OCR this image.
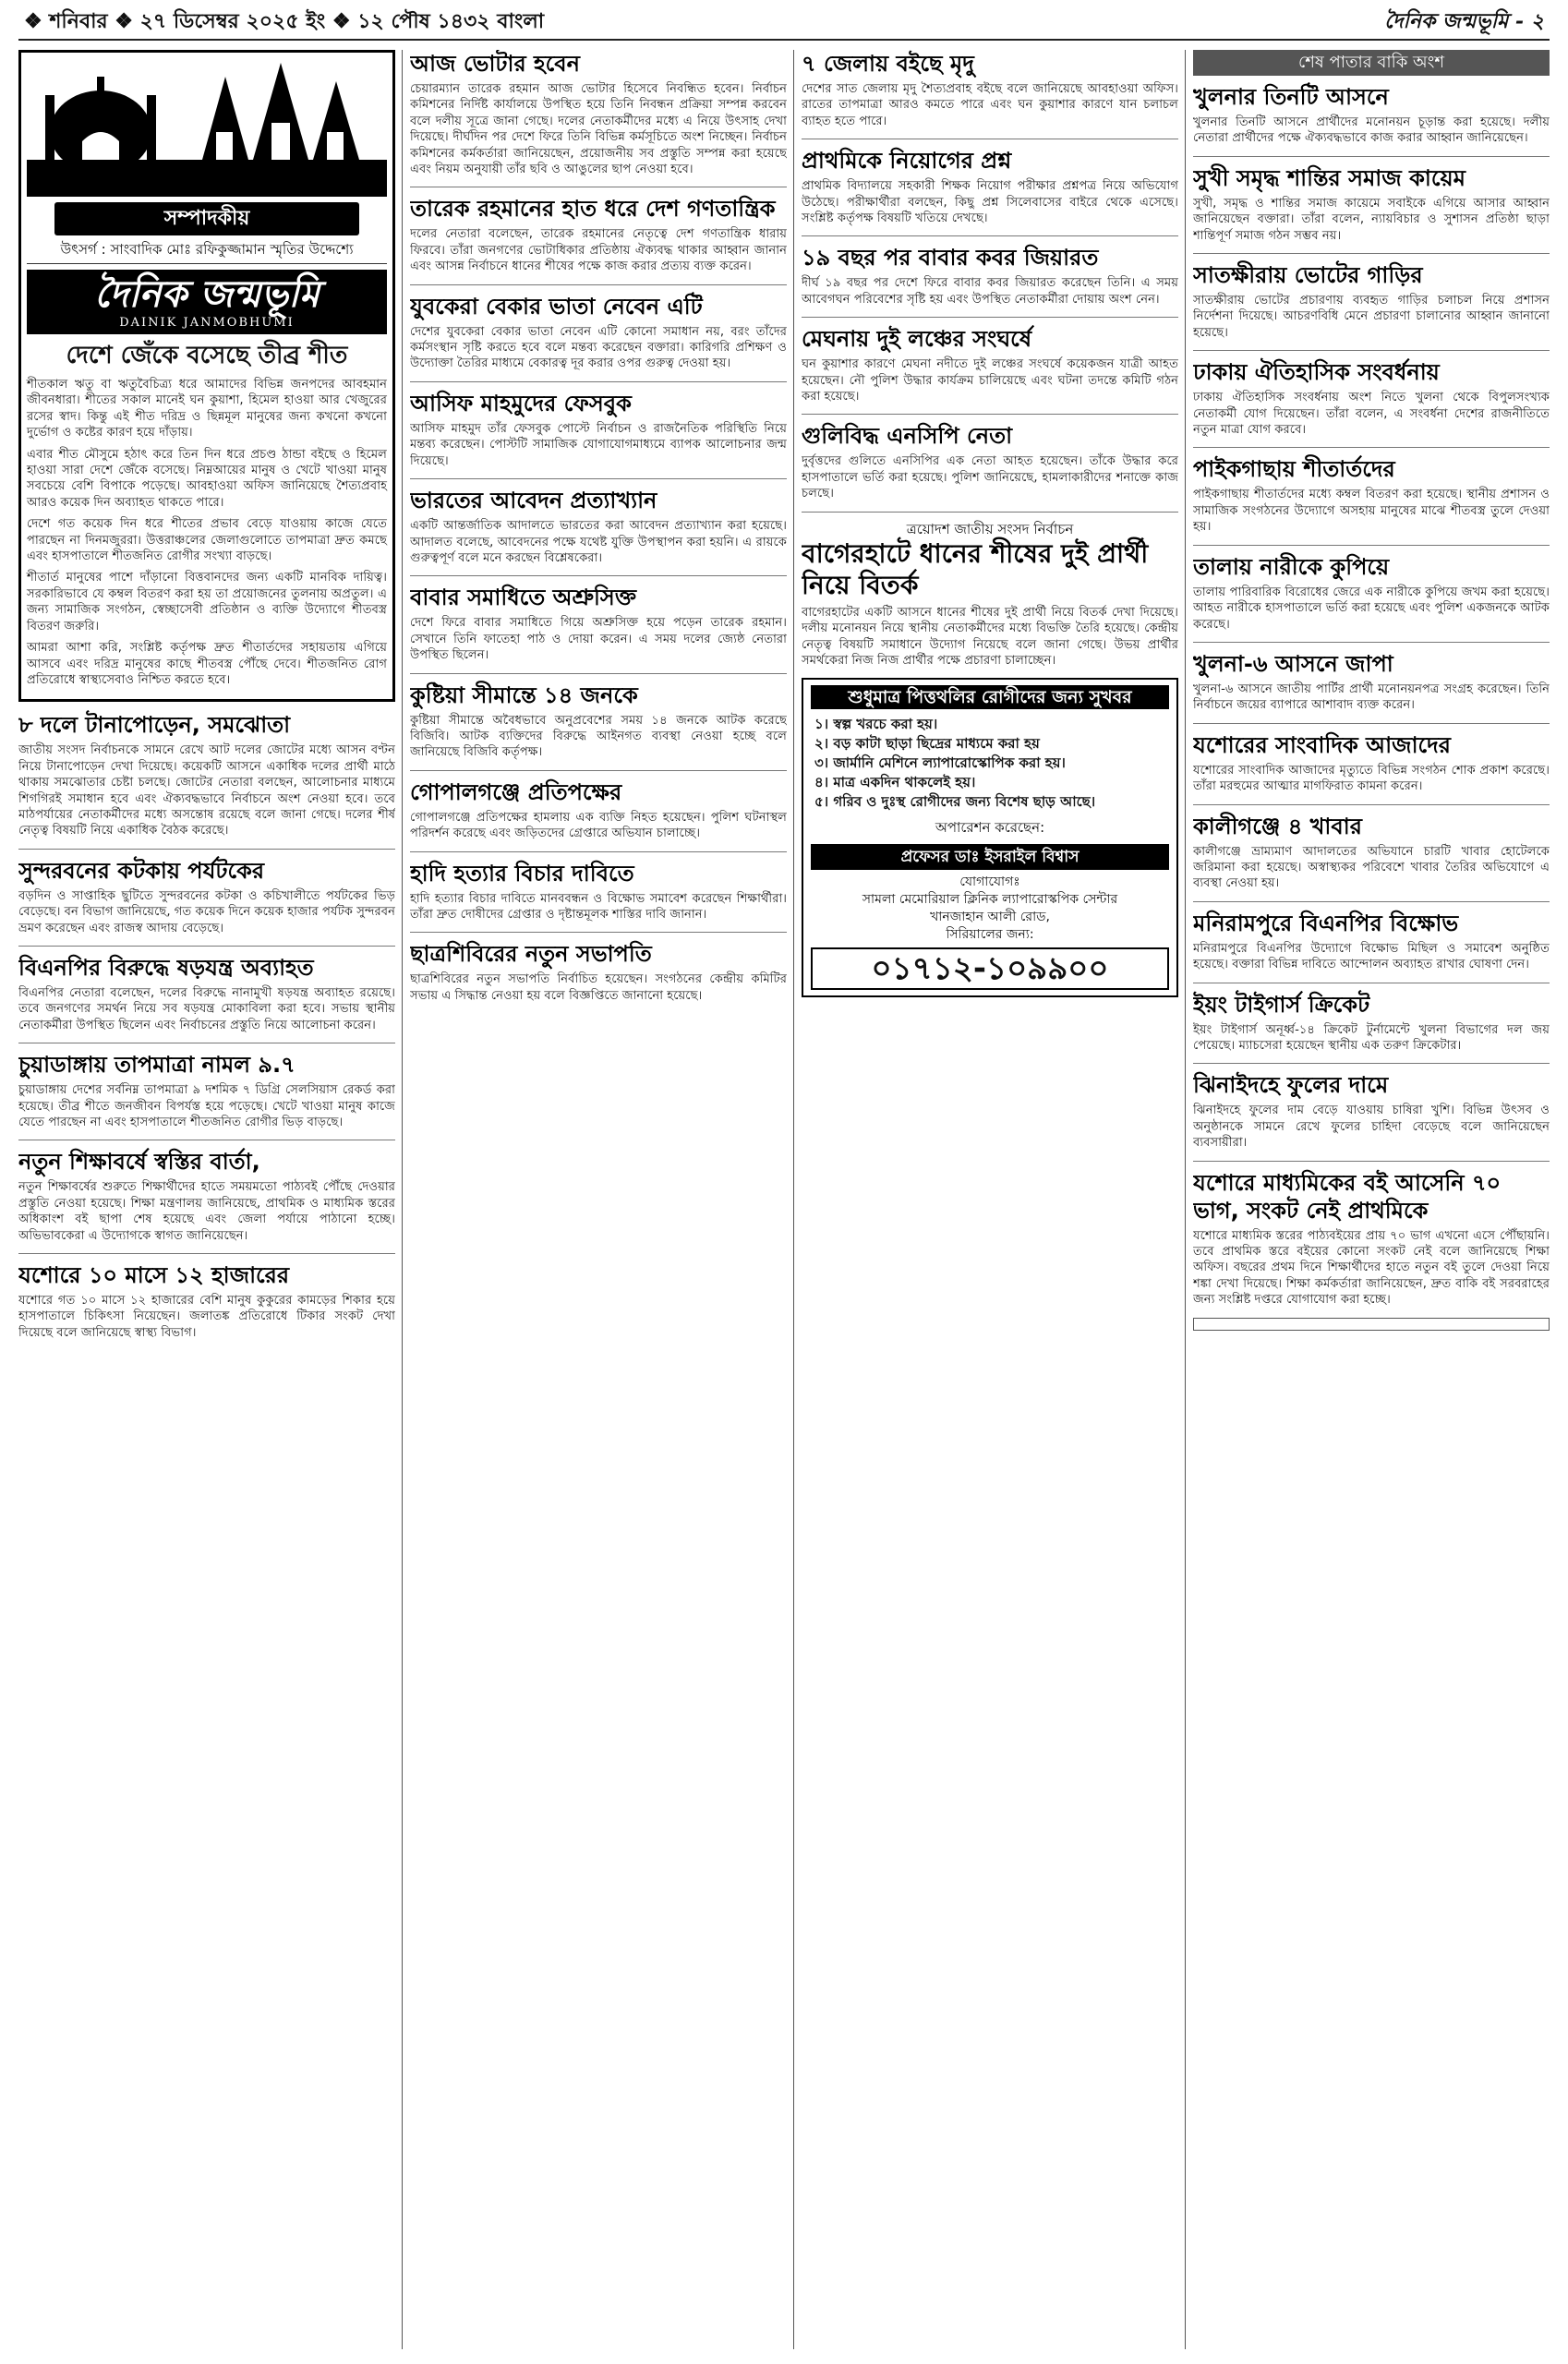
❖ শনিবার ❖ ২৭ ডিসেম্বর ২০২৫ ইং ❖ ১২ পৌষ ১৪৩২ বাংলা	দৈনিক জন্মভূমি - ২
সম্পাদকীয়
উৎসর্গ : সাংবাদিক মোঃ রফিকুজ্জামান স্মৃতির উদ্দেশ্যে
দৈনিক জন্মভূমি
DAINIK JANMOBHUMI
দেশে জেঁকে বসেছে তীব্র শীত

শীতকাল ঋতু বা ঋতুবৈচিত্র্য ধরে আমাদের বিভিন্ন জনপদের আবহমান জীবনধারা। শীতের সকাল মানেই ঘন কুয়াশা, হিমেল হাওয়া আর খেজুরের রসের স্বাদ। কিন্তু এই শীত দরিদ্র ও ছিন্নমূল মানুষের জন্য কখনো কখনো দুর্ভোগ ও কষ্টের কারণ হয়ে দাঁড়ায়।

এবার শীত মৌসুমে হঠাৎ করে তিন দিন ধরে প্রচণ্ড ঠান্ডা বইছে ও হিমেল হাওয়া সারা দেশে জেঁকে বসেছে। নিম্নআয়ের মানুষ ও খেটে খাওয়া মানুষ সবচেয়ে বেশি বিপাকে পড়েছে। আবহাওয়া অফিস জানিয়েছে শৈত্যপ্রবাহ আরও কয়েক দিন অব্যাহত থাকতে পারে।

দেশে গত কয়েক দিন ধরে শীতের প্রভাব বেড়ে যাওয়ায় কাজে যেতে পারছেন না দিনমজুররা। উত্তরাঞ্চলের জেলাগুলোতে তাপমাত্রা দ্রুত কমছে এবং হাসপাতালে শীতজনিত রোগীর সংখ্যা বাড়ছে।

শীতার্ত মানুষের পাশে দাঁড়ানো বিত্তবানদের জন্য একটি মানবিক দায়িত্ব। সরকারিভাবে যে কম্বল বিতরণ করা হয় তা প্রয়োজনের তুলনায় অপ্রতুল। এ জন্য সামাজিক সংগঠন, স্বেচ্ছাসেবী প্রতিষ্ঠান ও ব্যক্তি উদ্যোগে শীতবস্ত্র বিতরণ জরুরি।

আমরা আশা করি, সংশ্লিষ্ট কর্তৃপক্ষ দ্রুত শীতার্তদের সহায়তায় এগিয়ে আসবে এবং দরিদ্র মানুষের কাছে শীতবস্ত্র পৌঁছে দেবে। শীতজনিত রোগ প্রতিরোধে স্বাস্থ্যসেবাও নিশ্চিত করতে হবে।

৮ দলে টানাপোড়েন, সমঝোতা

জাতীয় সংসদ নির্বাচনকে সামনে রেখে আট দলের জোটের মধ্যে আসন বণ্টন নিয়ে টানাপোড়েন দেখা দিয়েছে। কয়েকটি আসনে একাধিক দলের প্রার্থী মাঠে থাকায় সমঝোতার চেষ্টা চলছে। জোটের নেতারা বলছেন, আলোচনার মাধ্যমে শিগগিরই সমাধান হবে এবং ঐক্যবদ্ধভাবে নির্বাচনে অংশ নেওয়া হবে। তবে মাঠপর্যায়ের নেতাকর্মীদের মধ্যে অসন্তোষ রয়েছে বলে জানা গেছে। দলের শীর্ষ নেতৃত্ব বিষয়টি নিয়ে একাধিক বৈঠক করেছে।

সুন্দরবনের কটকায় পর্যটকের

বড়দিন ও সাপ্তাহিক ছুটিতে সুন্দরবনের কটকা ও কচিখালীতে পর্যটকের ভিড় বেড়েছে। বন বিভাগ জানিয়েছে, গত কয়েক দিনে কয়েক হাজার পর্যটক সুন্দরবন ভ্রমণ করেছেন এবং রাজস্ব আদায় বেড়েছে।

বিএনপির বিরুদ্ধে ষড়যন্ত্র অব্যাহত

বিএনপির নেতারা বলেছেন, দলের বিরুদ্ধে নানামুখী ষড়যন্ত্র অব্যাহত রয়েছে। তবে জনগণের সমর্থন নিয়ে সব ষড়যন্ত্র মোকাবিলা করা হবে। সভায় স্থানীয় নেতাকর্মীরা উপস্থিত ছিলেন এবং নির্বাচনের প্রস্তুতি নিয়ে আলোচনা করেন।

চুয়াডাঙ্গায় তাপমাত্রা নামল ৯.৭

চুয়াডাঙ্গায় দেশের সর্বনিম্ন তাপমাত্রা ৯ দশমিক ৭ ডিগ্রি সেলসিয়াস রেকর্ড করা হয়েছে। তীব্র শীতে জনজীবন বিপর্যস্ত হয়ে পড়েছে। খেটে খাওয়া মানুষ কাজে যেতে পারছেন না এবং হাসপাতালে শীতজনিত রোগীর ভিড় বাড়ছে।

নতুন শিক্ষাবর্ষে স্বস্তির বার্তা,

নতুন শিক্ষাবর্ষের শুরুতে শিক্ষার্থীদের হাতে সময়মতো পাঠ্যবই পৌঁছে দেওয়ার প্রস্তুতি নেওয়া হয়েছে। শিক্ষা মন্ত্রণালয় জানিয়েছে, প্রাথমিক ও মাধ্যমিক স্তরের অধিকাংশ বই ছাপা শেষ হয়েছে এবং জেলা পর্যায়ে পাঠানো হচ্ছে। অভিভাবকেরা এ উদ্যোগকে স্বাগত জানিয়েছেন।

যশোরে ১০ মাসে ১২ হাজারের

যশোরে গত ১০ মাসে ১২ হাজারের বেশি মানুষ কুকুরের কামড়ের শিকার হয়ে হাসপাতালে চিকিৎসা নিয়েছেন। জলাতঙ্ক প্রতিরোধে টিকার সংকট দেখা দিয়েছে বলে জানিয়েছে স্বাস্থ্য বিভাগ।

আজ ভোটার হবেন

চেয়ারম্যান তারেক রহমান আজ ভোটার হিসেবে নিবন্ধিত হবেন। নির্বাচন কমিশনের নির্দিষ্ট কার্যালয়ে উপস্থিত হয়ে তিনি নিবন্ধন প্রক্রিয়া সম্পন্ন করবেন বলে দলীয় সূত্রে জানা গেছে। দলের নেতাকর্মীদের মধ্যে এ নিয়ে উৎসাহ দেখা দিয়েছে। দীর্ঘদিন পর দেশে ফিরে তিনি বিভিন্ন কর্মসূচিতে অংশ নিচ্ছেন। নির্বাচন কমিশনের কর্মকর্তারা জানিয়েছেন, প্রয়োজনীয় সব প্রস্তুতি সম্পন্ন করা হয়েছে এবং নিয়ম অনুযায়ী তাঁর ছবি ও আঙুলের ছাপ নেওয়া হবে।

তারেক রহমানের হাত ধরে দেশ গণতান্ত্রিক

দলের নেতারা বলেছেন, তারেক রহমানের নেতৃত্বে দেশ গণতান্ত্রিক ধারায় ফিরবে। তাঁরা জনগণের ভোটাধিকার প্রতিষ্ঠায় ঐক্যবদ্ধ থাকার আহ্বান জানান এবং আসন্ন নির্বাচনে ধানের শীষের পক্ষে কাজ করার প্রত্যয় ব্যক্ত করেন।

যুবকেরা বেকার ভাতা নেবেন এটি

দেশের যুবকেরা বেকার ভাতা নেবেন এটি কোনো সমাধান নয়, বরং তাঁদের কর্মসংস্থান সৃষ্টি করতে হবে বলে মন্তব্য করেছেন বক্তারা। কারিগরি প্রশিক্ষণ ও উদ্যোক্তা তৈরির মাধ্যমে বেকারত্ব দূর করার ওপর গুরুত্ব দেওয়া হয়।

আসিফ মাহমুদের ফেসবুক

আসিফ মাহমুদ তাঁর ফেসবুক পোস্টে নির্বাচন ও রাজনৈতিক পরিস্থিতি নিয়ে মন্তব্য করেছেন। পোস্টটি সামাজিক যোগাযোগমাধ্যমে ব্যাপক আলোচনার জন্ম দিয়েছে।

ভারতের আবেদন প্রত্যাখ্যান

একটি আন্তর্জাতিক আদালতে ভারতের করা আবেদন প্রত্যাখ্যান করা হয়েছে। আদালত বলেছে, আবেদনের পক্ষে যথেষ্ট যুক্তি উপস্থাপন করা হয়নি। এ রায়কে গুরুত্বপূর্ণ বলে মনে করছেন বিশ্লেষকেরা।

বাবার সমাধিতে অশ্রুসিক্ত

দেশে ফিরে বাবার সমাধিতে গিয়ে অশ্রুসিক্ত হয়ে পড়েন তারেক রহমান। সেখানে তিনি ফাতেহা পাঠ ও দোয়া করেন। এ সময় দলের জ্যেষ্ঠ নেতারা উপস্থিত ছিলেন।

কুষ্টিয়া সীমান্তে ১৪ জনকে

কুষ্টিয়া সীমান্তে অবৈধভাবে অনুপ্রবেশের সময় ১৪ জনকে আটক করেছে বিজিবি। আটক ব্যক্তিদের বিরুদ্ধে আইনগত ব্যবস্থা নেওয়া হচ্ছে বলে জানিয়েছে বিজিবি কর্তৃপক্ষ।

গোপালগঞ্জে প্রতিপক্ষের

গোপালগঞ্জে প্রতিপক্ষের হামলায় এক ব্যক্তি নিহত হয়েছেন। পুলিশ ঘটনাস্থল পরিদর্শন করেছে এবং জড়িতদের গ্রেপ্তারে অভিযান চালাচ্ছে।

হাদি হত্যার বিচার দাবিতে

হাদি হত্যার বিচার দাবিতে মানববন্ধন ও বিক্ষোভ সমাবেশ করেছেন শিক্ষার্থীরা। তাঁরা দ্রুত দোষীদের গ্রেপ্তার ও দৃষ্টান্তমূলক শাস্তির দাবি জানান।

ছাত্রশিবিরের নতুন সভাপতি

ছাত্রশিবিরের নতুন সভাপতি নির্বাচিত হয়েছেন। সংগঠনের কেন্দ্রীয় কমিটির সভায় এ সিদ্ধান্ত নেওয়া হয় বলে বিজ্ঞপ্তিতে জানানো হয়েছে।

৭ জেলায় বইছে মৃদু

দেশের সাত জেলায় মৃদু শৈত্যপ্রবাহ বইছে বলে জানিয়েছে আবহাওয়া অফিস। রাতের তাপমাত্রা আরও কমতে পারে এবং ঘন কুয়াশার কারণে যান চলাচল ব্যাহত হতে পারে।

প্রাথমিকে নিয়োগের প্রশ্ন

প্রাথমিক বিদ্যালয়ে সহকারী শিক্ষক নিয়োগ পরীক্ষার প্রশ্নপত্র নিয়ে অভিযোগ উঠেছে। পরীক্ষার্থীরা বলছেন, কিছু প্রশ্ন সিলেবাসের বাইরে থেকে এসেছে। সংশ্লিষ্ট কর্তৃপক্ষ বিষয়টি খতিয়ে দেখছে।

১৯ বছর পর বাবার কবর জিয়ারত

দীর্ঘ ১৯ বছর পর দেশে ফিরে বাবার কবর জিয়ারত করেছেন তিনি। এ সময় আবেগঘন পরিবেশের সৃষ্টি হয় এবং উপস্থিত নেতাকর্মীরা দোয়ায় অংশ নেন।

মেঘনায় দুই লঞ্চের সংঘর্ষে

ঘন কুয়াশার কারণে মেঘনা নদীতে দুই লঞ্চের সংঘর্ষে কয়েকজন যাত্রী আহত হয়েছেন। নৌ পুলিশ উদ্ধার কার্যক্রম চালিয়েছে এবং ঘটনা তদন্তে কমিটি গঠন করা হয়েছে।

গুলিবিদ্ধ এনসিপি নেতা

দুর্বৃত্তদের গুলিতে এনসিপির এক নেতা আহত হয়েছেন। তাঁকে উদ্ধার করে হাসপাতালে ভর্তি করা হয়েছে। পুলিশ জানিয়েছে, হামলাকারীদের শনাক্তে কাজ চলছে।

ত্রয়োদশ জাতীয় সংসদ নির্বাচন
বাগেরহাটে ধানের শীষের দুই প্রার্থী নিয়ে বিতর্ক

বাগেরহাটের একটি আসনে ধানের শীষের দুই প্রার্থী নিয়ে বিতর্ক দেখা দিয়েছে। দলীয় মনোনয়ন নিয়ে স্থানীয় নেতাকর্মীদের মধ্যে বিভক্তি তৈরি হয়েছে। কেন্দ্রীয় নেতৃত্ব বিষয়টি সমাধানে উদ্যোগ নিয়েছে বলে জানা গেছে। উভয় প্রার্থীর সমর্থকেরা নিজ নিজ প্রার্থীর পক্ষে প্রচারণা চালাচ্ছেন।

শুধুমাত্র পিত্তথলির রোগীদের জন্য সুখবর
১। স্বল্প খরচে করা হয়।
২। বড় কাটা ছাড়া ছিদ্রের মাধ্যমে করা হয়
৩। জার্মানি মেশিনে ল্যাপারোস্কোপিক করা হয়।
৪। মাত্র একদিন থাকলেই হয়।
৫। গরিব ও দুঃস্থ রোগীদের জন্য বিশেষ ছাড় আছে।
অপারেশন করেছেন:
প্রফেসর ডাঃ ইসরাইল বিশ্বাস
যোগাযোগঃ
সামলা মেমোরিয়াল ক্লিনিক ল্যাপারোস্কপিক সেন্টার
খানজাহান আলী রোড,
সিরিয়ালের জন্য:
০১৭১২-১০৯৯০০
শেষ পাতার বাকি অংশ
খুলনার তিনটি আসনে

খুলনার তিনটি আসনে প্রার্থীদের মনোনয়ন চূড়ান্ত করা হয়েছে। দলীয় নেতারা প্রার্থীদের পক্ষে ঐক্যবদ্ধভাবে কাজ করার আহ্বান জানিয়েছেন।

সুখী সমৃদ্ধ শান্তির সমাজ কায়েম

সুখী, সমৃদ্ধ ও শান্তির সমাজ কায়েমে সবাইকে এগিয়ে আসার আহ্বান জানিয়েছেন বক্তারা। তাঁরা বলেন, ন্যায়বিচার ও সুশাসন প্রতিষ্ঠা ছাড়া শান্তিপূর্ণ সমাজ গঠন সম্ভব নয়।

সাতক্ষীরায় ভোটের গাড়ির

সাতক্ষীরায় ভোটের প্রচারণায় ব্যবহৃত গাড়ির চলাচল নিয়ে প্রশাসন নির্দেশনা দিয়েছে। আচরণবিধি মেনে প্রচারণা চালানোর আহ্বান জানানো হয়েছে।

ঢাকায় ঐতিহাসিক সংবর্ধনায়

ঢাকায় ঐতিহাসিক সংবর্ধনায় অংশ নিতে খুলনা থেকে বিপুলসংখ্যক নেতাকর্মী যোগ দিয়েছেন। তাঁরা বলেন, এ সংবর্ধনা দেশের রাজনীতিতে নতুন মাত্রা যোগ করবে।

পাইকগাছায় শীতার্তদের

পাইকগাছায় শীতার্তদের মধ্যে কম্বল বিতরণ করা হয়েছে। স্থানীয় প্রশাসন ও সামাজিক সংগঠনের উদ্যোগে অসহায় মানুষের মাঝে শীতবস্ত্র তুলে দেওয়া হয়।

তালায় নারীকে কুপিয়ে

তালায় পারিবারিক বিরোধের জেরে এক নারীকে কুপিয়ে জখম করা হয়েছে। আহত নারীকে হাসপাতালে ভর্তি করা হয়েছে এবং পুলিশ একজনকে আটক করেছে।

খুলনা-৬ আসনে জাপা

খুলনা-৬ আসনে জাতীয় পার্টির প্রার্থী মনোনয়নপত্র সংগ্রহ করেছেন। তিনি নির্বাচনে জয়ের ব্যাপারে আশাবাদ ব্যক্ত করেন।

যশোরের সাংবাদিক আজাদের

যশোরের সাংবাদিক আজাদের মৃত্যুতে বিভিন্ন সংগঠন শোক প্রকাশ করেছে। তাঁরা মরহুমের আত্মার মাগফিরাত কামনা করেন।

কালীগঞ্জে ৪ খাবার

কালীগঞ্জে ভ্রাম্যমাণ আদালতের অভিযানে চারটি খাবার হোটেলকে জরিমানা করা হয়েছে। অস্বাস্থ্যকর পরিবেশে খাবার তৈরির অভিযোগে এ ব্যবস্থা নেওয়া হয়।

মনিরামপুরে বিএনপির বিক্ষোভ

মনিরামপুরে বিএনপির উদ্যোগে বিক্ষোভ মিছিল ও সমাবেশ অনুষ্ঠিত হয়েছে। বক্তারা বিভিন্ন দাবিতে আন্দোলন অব্যাহত রাখার ঘোষণা দেন।

ইয়ং টাইগার্স ক্রিকেট

ইয়ং টাইগার্স অনূর্ধ্ব-১৪ ক্রিকেট টুর্নামেন্টে খুলনা বিভাগের দল জয় পেয়েছে। ম্যাচসেরা হয়েছেন স্থানীয় এক তরুণ ক্রিকেটার।

ঝিনাইদহে ফুলের দামে

ঝিনাইদহে ফুলের দাম বেড়ে যাওয়ায় চাষিরা খুশি। বিভিন্ন উৎসব ও অনুষ্ঠানকে সামনে রেখে ফুলের চাহিদা বেড়েছে বলে জানিয়েছেন ব্যবসায়ীরা।

যশোরে মাধ্যমিকের বই আসেনি ৭০ ভাগ, সংকট নেই প্রাথমিকে

যশোরে মাধ্যমিক স্তরের পাঠ্যবইয়ের প্রায় ৭০ ভাগ এখনো এসে পৌঁছায়নি। তবে প্রাথমিক স্তরে বইয়ের কোনো সংকট নেই বলে জানিয়েছে শিক্ষা অফিস। বছরের প্রথম দিনে শিক্ষার্থীদের হাতে নতুন বই তুলে দেওয়া নিয়ে শঙ্কা দেখা দিয়েছে। শিক্ষা কর্মকর্তারা জানিয়েছেন, দ্রুত বাকি বই সরবরাহের জন্য সংশ্লিষ্ট দপ্তরে যোগাযোগ করা হচ্ছে।
